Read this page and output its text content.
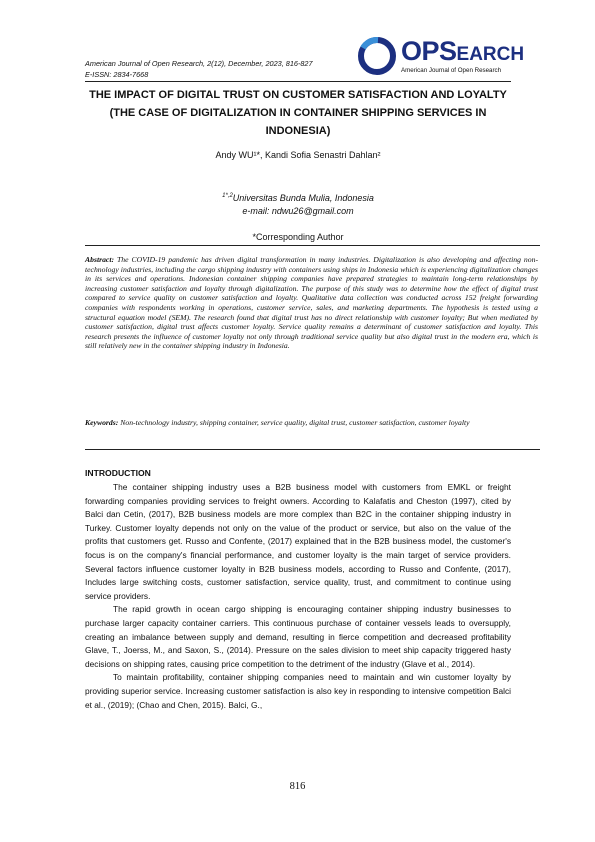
American Journal of Open Research, 2(12), December, 2023, 816-827
E-ISSN: 2834-7668
OPSEARCH
American Journal of Open Research
THE IMPACT OF DIGITAL TRUST ON CUSTOMER SATISFACTION AND LOYALTY (THE CASE OF DIGITALIZATION IN CONTAINER SHIPPING SERVICES IN INDONESIA)
Andy WU¹*, Kandi Sofia Senastri Dahlan²
$^{1*,2}$Universitas Bunda Mulia, Indonesia
e-mail: ndwu26@gmail.com
*Corresponding Author
Abstract: The COVID-19 pandemic has driven digital transformation in many industries. Digitalization is also developing and affecting non-technology industries, including the cargo shipping industry with containers using ships in Indonesia which is experiencing digitalization changes in its services and operations. Indonesian container shipping companies have prepared strategies to maintain long-term relationships by increasing customer satisfaction and loyalty through digitalization. The purpose of this study was to determine how the effect of digital trust compared to service quality on customer satisfaction and loyalty. Qualitative data collection was conducted across 152 freight forwarding companies with respondents working in operations, customer service, sales, and marketing departments. The hypothesis is tested using a structural equation model (SEM). The research found that digital trust has no direct relationship with customer loyalty; But when mediated by customer satisfaction, digital trust affects customer loyalty. Service quality remains a determinant of customer satisfaction and loyalty. This research presents the influence of customer loyalty not only through traditional service quality but also digital trust in the modern era, which is still relatively new in the container shipping industry in Indonesia.
Keywords: Non-technology industry, shipping container, service quality, digital trust, customer satisfaction, customer loyalty
INTRODUCTION

The container shipping industry uses a B2B business model with customers from EMKL or freight forwarding companies providing services to freight owners. According to Kalafatis and Cheston (1997), cited by Balci dan Cetin, (2017), B2B business models are more complex than B2C in the container shipping industry in Turkey. Customer loyalty depends not only on the value of the product or service, but also on the value of the profits that customers get. Russo and Confente, (2017) explained that in the B2B business model, the customer's focus is on the company's financial performance, and customer loyalty is the main target of service providers. Several factors influence customer loyalty in B2B business models, according to Russo and Confente, (2017), Includes large switching costs, customer satisfaction, service quality, trust, and commitment to continue using service providers.

The rapid growth in ocean cargo shipping is encouraging container shipping industry businesses to purchase larger capacity container carriers. This continuous purchase of container vessels leads to oversupply, creating an imbalance between supply and demand, resulting in fierce competition and decreased profitability Glave, T., Joerss, M., and Saxon, S., (2014). Pressure on the sales division to meet ship capacity triggered hasty decisions on shipping rates, causing price competition to the detriment of the industry (Glave et al., 2014).

To maintain profitability, container shipping companies need to maintain and win customer loyalty by providing superior service. Increasing customer satisfaction is also key in responding to intensive competition Balci et al., (2019); (Chao and Chen, 2015). Balci, G.,

816
